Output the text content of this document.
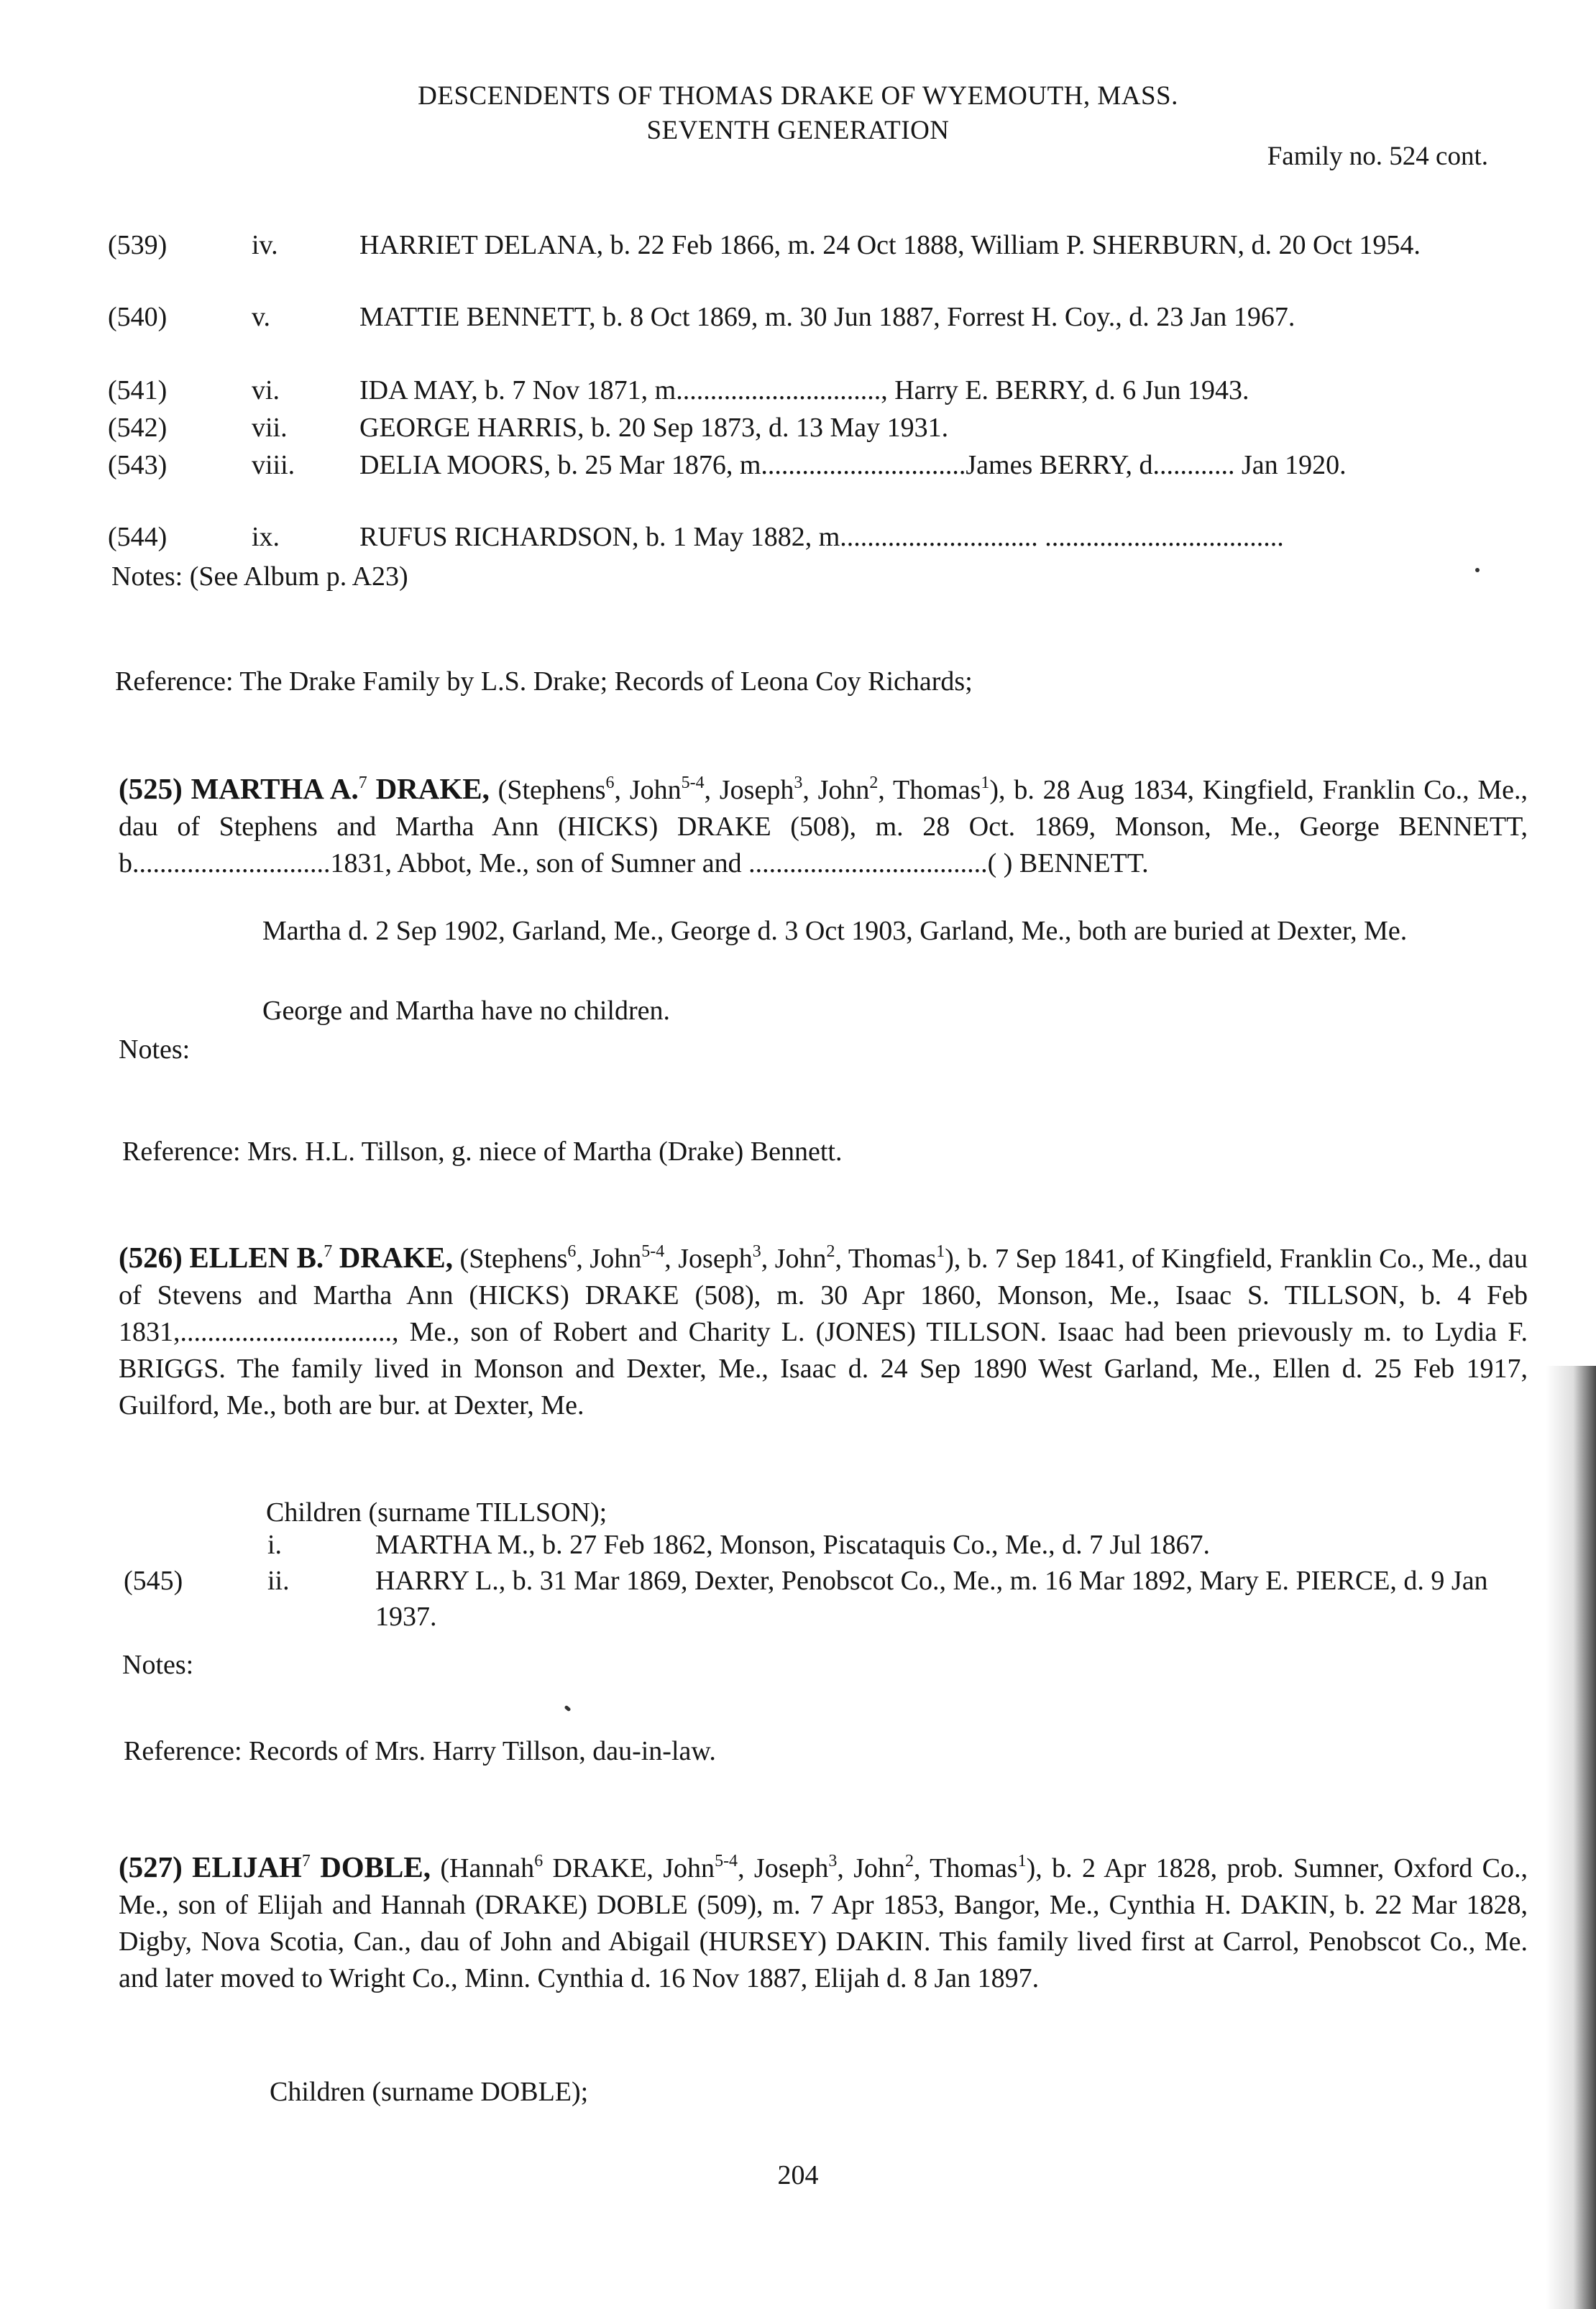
DESCENDENTS OF THOMAS DRAKE OF WYEMOUTH, MASS.
SEVENTH GENERATION
Family no. 524 cont.
(539)	iv.	HARRIET DELANA, b. 22 Feb 1866, m. 24 Oct 1888, William P. SHERBURN, d. 20 Oct 1954.
(540)	v.	MATTIE BENNETT, b. 8 Oct 1869, m. 30 Jun 1887, Forrest H. Coy., d. 23 Jan 1967.
(541)	vi.	IDA MAY, b. 7 Nov 1871, m.............................., Harry E. BERRY, d. 6 Jun 1943.
(542)	vii.	GEORGE HARRIS, b. 20 Sep 1873, d. 13 May 1931.
(543)	viii. DELIA MOORS, b. 25 Mar 1876, m..............................James BERRY, d............ Jan 1920.
(544)	ix.	RUFUS RICHARDSON, b. 1 May 1882, m............................. ...................................
Notes: (See Album p. A23)
Reference: The Drake Family by L.S. Drake; Records of Leona Coy Richards;
(525) MARTHA A.$^7$ DRAKE, (Stephens$^6$, John$^{5-4}$, Joseph$^3$, John$^2$, Thomas$^1$), b. 28 Aug 1834, Kingfield, Franklin Co., Me., dau of Stephens and Martha Ann (HICKS) DRAKE (508), m. 28 Oct. 1869, Monson, Me., George BENNETT, b.............................1831, Abbot, Me., son of Sumner and ...................................( ) BENNETT.
Martha d. 2 Sep 1902, Garland, Me., George d. 3 Oct 1903, Garland, Me., both are buried at Dexter, Me.
George and Martha have no children.
Notes:
Reference: Mrs. H.L. Tillson, g. niece of Martha (Drake) Bennett.
(526) ELLEN B.$^7$ DRAKE, (Stephens$^6$, John$^{5-4}$, Joseph$^3$, John$^2$, Thomas$^1$), b. 7 Sep 1841, of Kingfield, Franklin Co., Me., dau of Stevens and Martha Ann (HICKS) DRAKE (508), m. 30 Apr 1860, Monson, Me., Isaac S. TILLSON, b. 4 Feb 1831,..............................., Me., son of Robert and Charity L. (JONES) TILLSON. Isaac had been prievously m. to Lydia F. BRIGGS. The family lived in Monson and Dexter, Me., Isaac d. 24 Sep 1890 West Garland, Me., Ellen d. 25 Feb 1917, Guilford, Me., both are bur. at Dexter, Me.
Children (surname TILLSON);
i.	MARTHA M., b. 27 Feb 1862, Monson, Piscataquis Co., Me., d. 7 Jul 1867.
(545)	ii.	HARRY L., b. 31 Mar 1869, Dexter, Penobscot Co., Me., m. 16 Mar 1892, Mary E. PIERCE, d. 9 Jan 1937.
Notes:
Reference: Records of Mrs. Harry Tillson, dau-in-law.
(527) ELIJAH$^7$ DOBLE, (Hannah$^6$ DRAKE, John$^{5-4}$, Joseph$^3$, John$^2$, Thomas$^1$), b. 2 Apr 1828, prob. Sumner, Oxford Co., Me., son of Elijah and Hannah (DRAKE) DOBLE (509), m. 7 Apr 1853, Bangor, Me., Cynthia H. DAKIN, b. 22 Mar 1828, Digby, Nova Scotia, Can., dau of John and Abigail (HURSEY) DAKIN. This family lived first at Carrol, Penobscot Co., Me. and later moved to Wright Co., Minn. Cynthia d. 16 Nov 1887, Elijah d. 8 Jan 1897.
Children (surname DOBLE);
204
